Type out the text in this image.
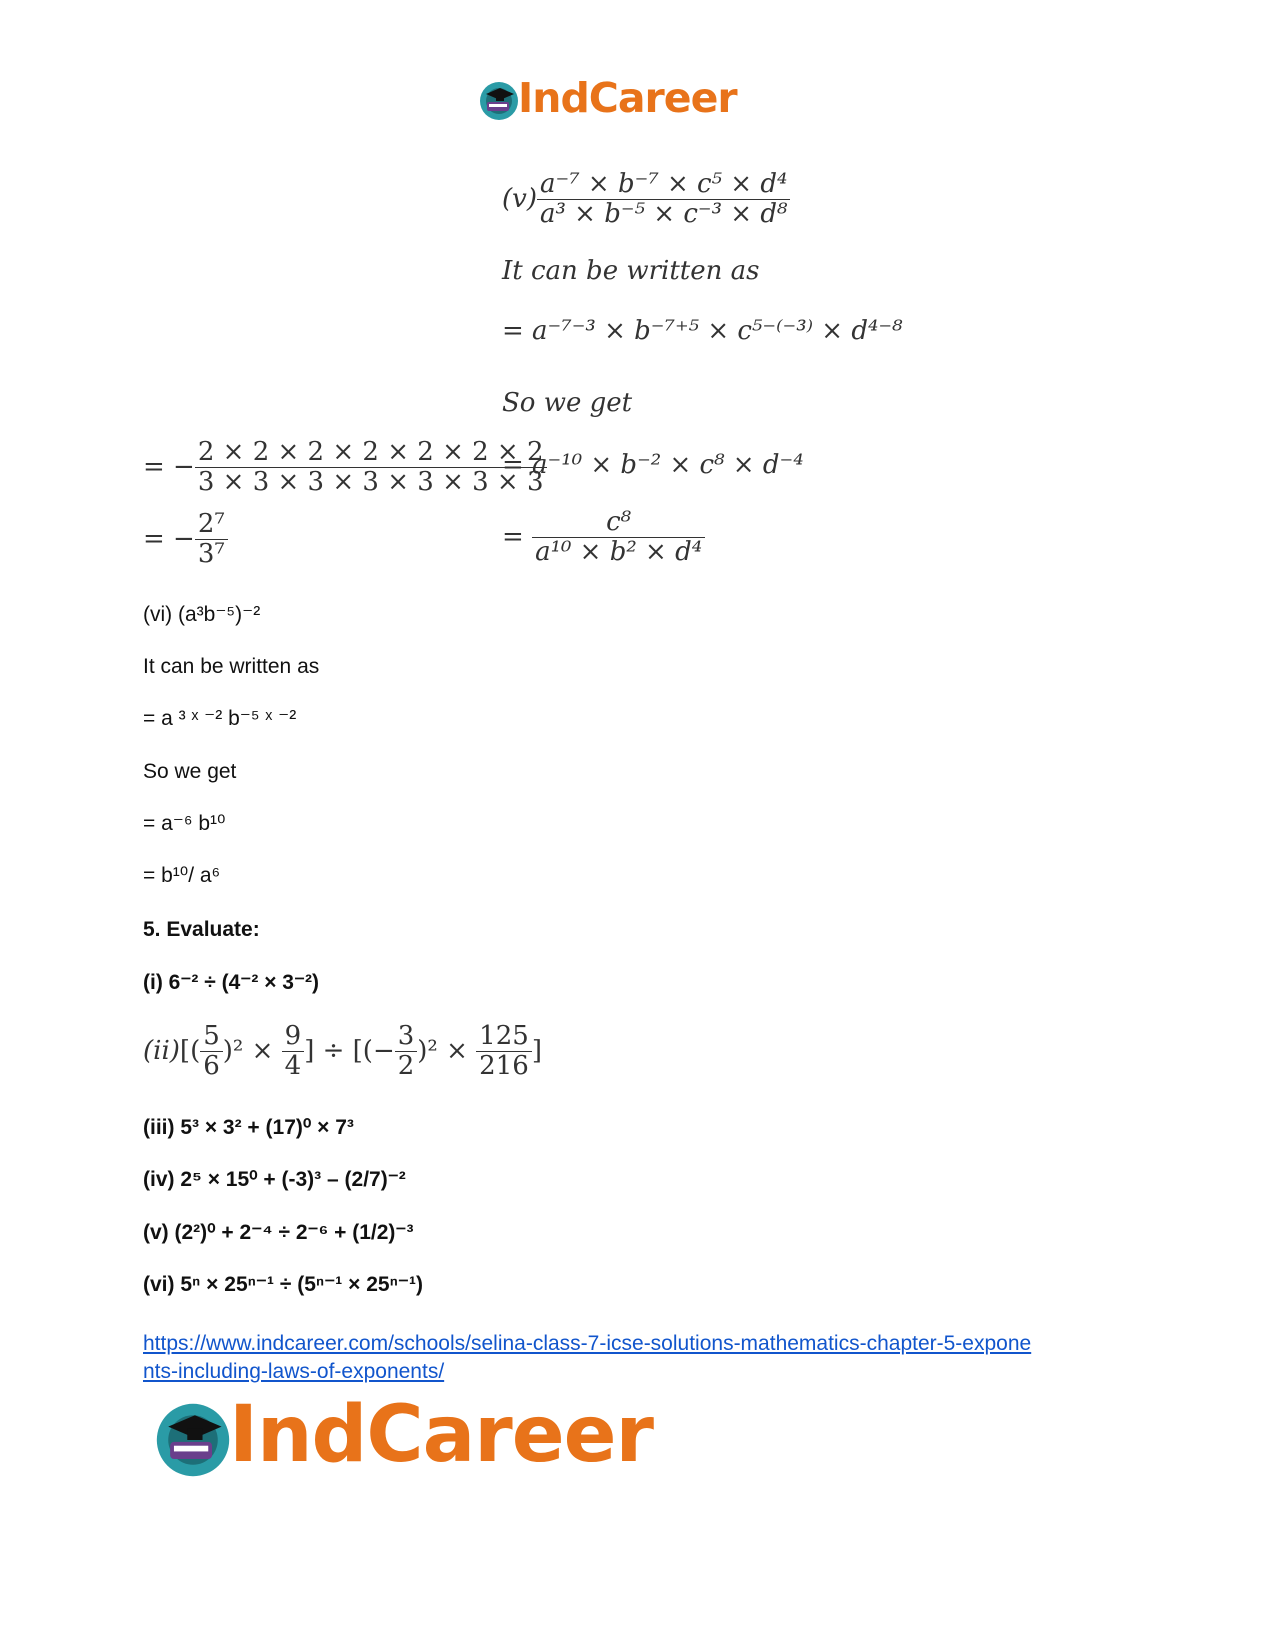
IndCareer
$(v) \frac{\text{a⁻⁷ × b⁻⁷ × c⁵ × d⁴}}{\text{a³ × b⁻⁵ × c⁻³ × d⁸}}$
It can be written as
= a⁻⁷⁻³ × b⁻⁷⁺⁵ × c⁵⁻⁽⁻³⁾ × d⁴⁻⁸
So we get
= a⁻¹⁰ × b⁻² × c⁸ × d⁻⁴
= $\frac{\text{c⁸}}{\text{a¹⁰ × b² × d⁴}}$
= − $\frac{2 \times 2 \times 2 \times 2 \times 2 \times 2 \times 2}{3 \times 3 \times 3 \times 3 \times 3 \times 3 \times 3}$
= − $\frac{\text{2⁷}}{\text{3⁷}}$
(vi) (a³b⁻⁵)⁻²
It can be written as
= a ³ ˣ ⁻² b⁻⁵ ˣ ⁻²
So we get
= a⁻⁶ b¹⁰
= b¹⁰/ a⁶
5. Evaluate:
(i) 6⁻² ÷ (4⁻² × 3⁻²)
$(ii)[( \frac{5}{6} )^2 \times \frac{9}{4}$ ] ÷ [(− $\frac{3}{2} )^2 \times \frac{125}{216}$ ]
(iii) 5³ × 3² + (17)⁰ × 7³
(iv) 2⁵ × 15⁰ + (-3)³ – (2/7)⁻²
(v) (2²)⁰ + 2⁻⁴ ÷ 2⁻⁶ + (1/2)⁻³
(vi) 5ⁿ × 25ⁿ⁻¹ ÷ (5ⁿ⁻¹ × 25ⁿ⁻¹)
https://www.indcareer.com/schools/selina-class-7-icse-solutions-mathematics-chapter-5-expone
nts-including-laws-of-exponents/
IndCareer
